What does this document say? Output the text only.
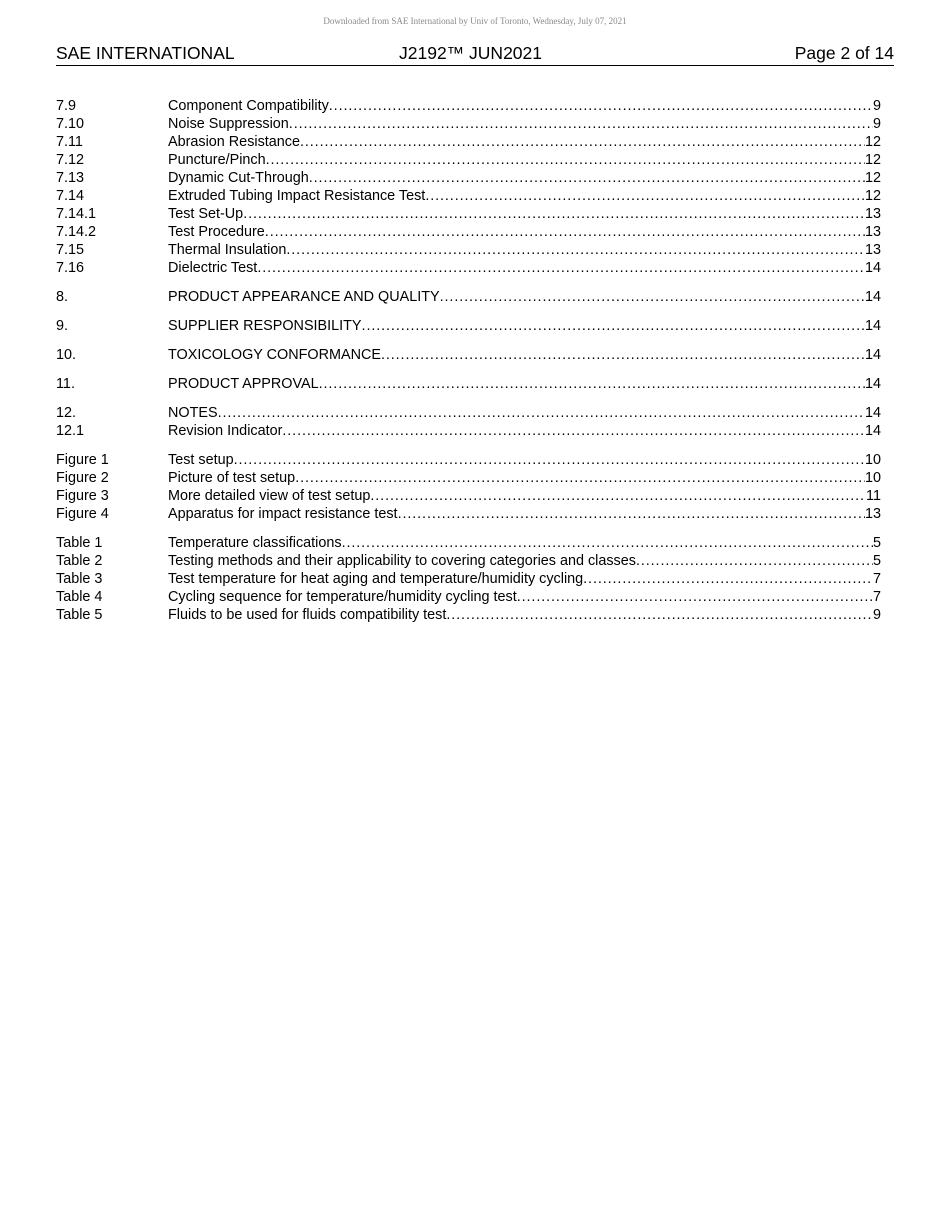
Downloaded from SAE International by Univ of Toronto, Wednesday, July 07, 2021
SAE INTERNATIONAL	J2192™ JUN2021	Page 2 of 14
7.9	Component Compatibility . . .	9
7.10	Noise Suppression . . .	9
7.11	Abrasion Resistance . . .	12
7.12	Puncture/Pinch . . .	12
7.13	Dynamic Cut-Through . . .	12
7.14	Extruded Tubing Impact Resistance Test . . .	12
7.14.1	Test Set-Up . . .	13
7.14.2	Test Procedure . . .	13
7.15	Thermal Insulation . . .	13
7.16	Dielectric Test . . .	14
8.	PRODUCT APPEARANCE AND QUALITY . . .	14
9.	SUPPLIER RESPONSIBILITY . . .	14
10.	TOXICOLOGY CONFORMANCE . . .	14
11.	PRODUCT APPROVAL . . .	14
12.	NOTES . . .	14
12.1	Revision Indicator . . .	14
Figure 1	Test setup . . .	10
Figure 2	Picture of test setup . . .	10
Figure 3	More detailed view of test setup . . .	11
Figure 4	Apparatus for impact resistance test . . .	13
Table 1	Temperature classifications . . .	5
Table 2	Testing methods and their applicability to covering categories and classes . . .	5
Table 3	Test temperature for heat aging and temperature/humidity cycling . . .	7
Table 4	Cycling sequence for temperature/humidity cycling test . . .	7
Table 5	Fluids to be used for fluids compatibility test . . .	9
